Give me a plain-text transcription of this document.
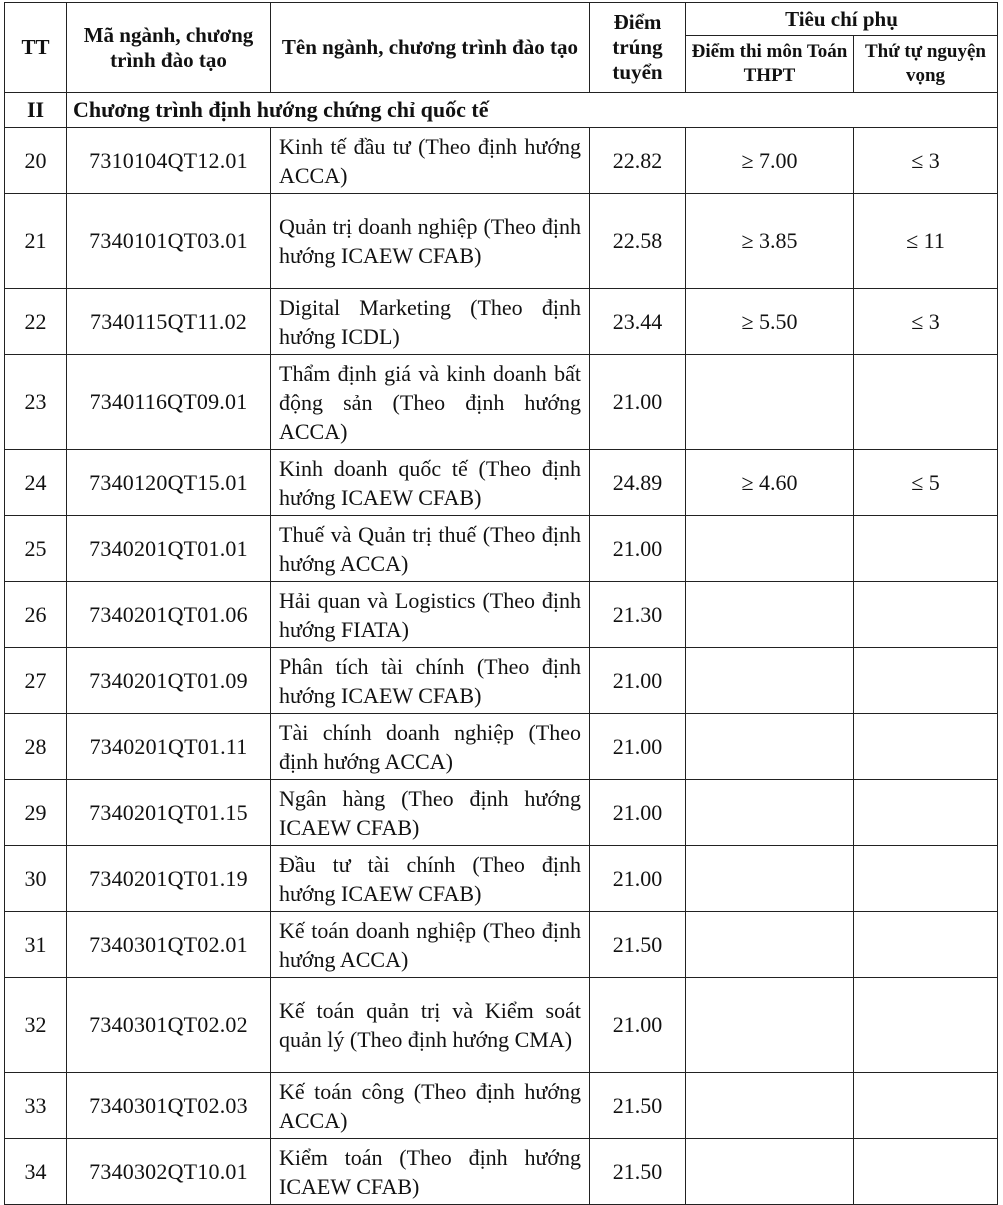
TT	Mã ngành, chương trình đào tạo	Tên ngành, chương trình đào tạo	Điểm trúng tuyển	Tiêu chí phụ	
				Điểm thi môn Toán THPT	Thứ tự nguyện vọng
II	Chương trình định hướng chứng chỉ quốc tế				
20	7310104QT12.01	Kinh tế đầu tư (Theo định hướng ACCA)	22.82	≥ 7.00	≤ 3
21	7340101QT03.01	Quản trị doanh nghiệp (Theo định hướng ICAEW CFAB)	22.58	≥ 3.85	≤ 11
22	7340115QT11.02	Digital Marketing (Theo định hướng ICDL)	23.44	≥ 5.50	≤ 3
23	7340116QT09.01	Thẩm định giá và kinh doanh bất động sản (Theo định hướng ACCA)	21.00		
24	7340120QT15.01	Kinh doanh quốc tế (Theo định hướng ICAEW CFAB)	24.89	≥ 4.60	≤ 5
25	7340201QT01.01	Thuế và Quản trị thuế (Theo định hướng ACCA)	21.00		
26	7340201QT01.06	Hải quan và Logistics (Theo định hướng FIATA)	21.30		
27	7340201QT01.09	Phân tích tài chính (Theo định hướng ICAEW CFAB)	21.00		
28	7340201QT01.11	Tài chính doanh nghiệp (Theo định hướng ACCA)	21.00		
29	7340201QT01.15	Ngân hàng (Theo định hướng ICAEW CFAB)	21.00		
30	7340201QT01.19	Đầu tư tài chính (Theo định hướng ICAEW CFAB)	21.00		
31	7340301QT02.01	Kế toán doanh nghiệp (Theo định hướng ACCA)	21.50		
32	7340301QT02.02	Kế toán quản trị và Kiểm soát quản lý (Theo định hướng CMA)	21.00		
33	7340301QT02.03	Kế toán công (Theo định hướng ACCA)	21.50		
34	7340302QT10.01	Kiểm toán (Theo định hướng ICAEW CFAB)	21.50		
